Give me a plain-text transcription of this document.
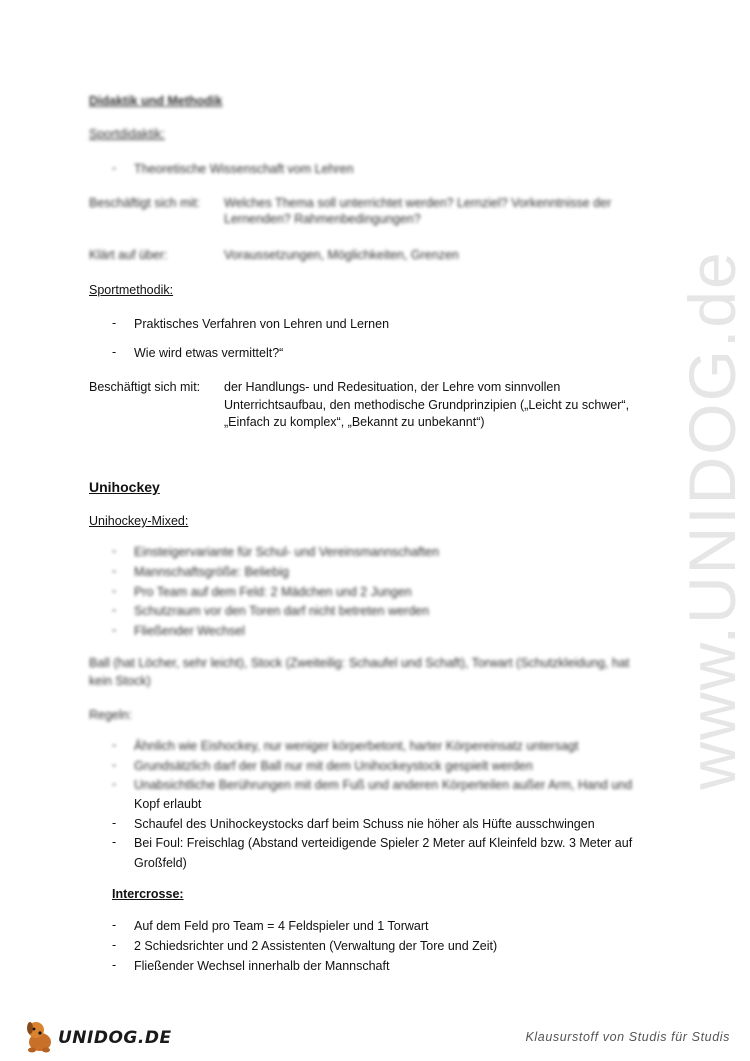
www.UNIDOG.de
Didaktik und Methodik
Sportdidaktik:
- Theoretische Wissenschaft vom Lehren
Beschäftigt sich mit: Welches Thema soll unterrichtet werden? Lernziel? Vorkenntnisse der
Lernenden? Rahmenbedingungen?
Klärt auf über:	Voraussetzungen, Möglichkeiten, Grenzen
Sportmethodik:
- Praktisches Verfahren von Lehren und Lernen
- Wie wird etwas vermittelt?“
Beschäftigt sich mit: der Handlungs- und Redesituation, der Lehre vom sinnvollen
Unterrichtsaufbau, den methodische Grundprinzipien („Leicht zu schwer“,
„Einfach zu komplex“, „Bekannt zu unbekannt“)
Unihockey
Unihockey-Mixed:
- Einsteigervariante für Schul- und Vereinsmannschaften
- Mannschaftsgröße: Beliebig
- Pro Team auf dem Feld: 2 Mädchen und 2 Jungen
- Schutzraum vor den Toren darf nicht betreten werden
- Fließender Wechsel
Ball (hat Löcher, sehr leicht), Stock (Zweiteilig: Schaufel und Schaft), Torwart (Schutzkleidung, hat
kein Stock)
Regeln:
- Ähnlich wie Eishockey, nur weniger körperbetont, harter Körpereinsatz untersagt
- Grundsätzlich darf der Ball nur mit dem Unihockeystock gespielt werden
- Unabsichtliche Berührungen mit dem Fuß und anderen Körperteilen außer Arm, Hand und
Kopf erlaubt
- Schaufel des Unihockeystocks darf beim Schuss nie höher als Hüfte ausschwingen
- Bei Foul: Freischlag (Abstand verteidigende Spieler 2 Meter auf Kleinfeld bzw. 3 Meter auf
Großfeld)
Intercrosse:
- Auf dem Feld pro Team = 4 Feldspieler und 1 Torwart
- 2 Schiedsrichter und 2 Assistenten (Verwaltung der Tore und Zeit)
- Fließender Wechsel innerhalb der Mannschaft
UNIDOG.DE	Klausurstoff von Studis für Studis
